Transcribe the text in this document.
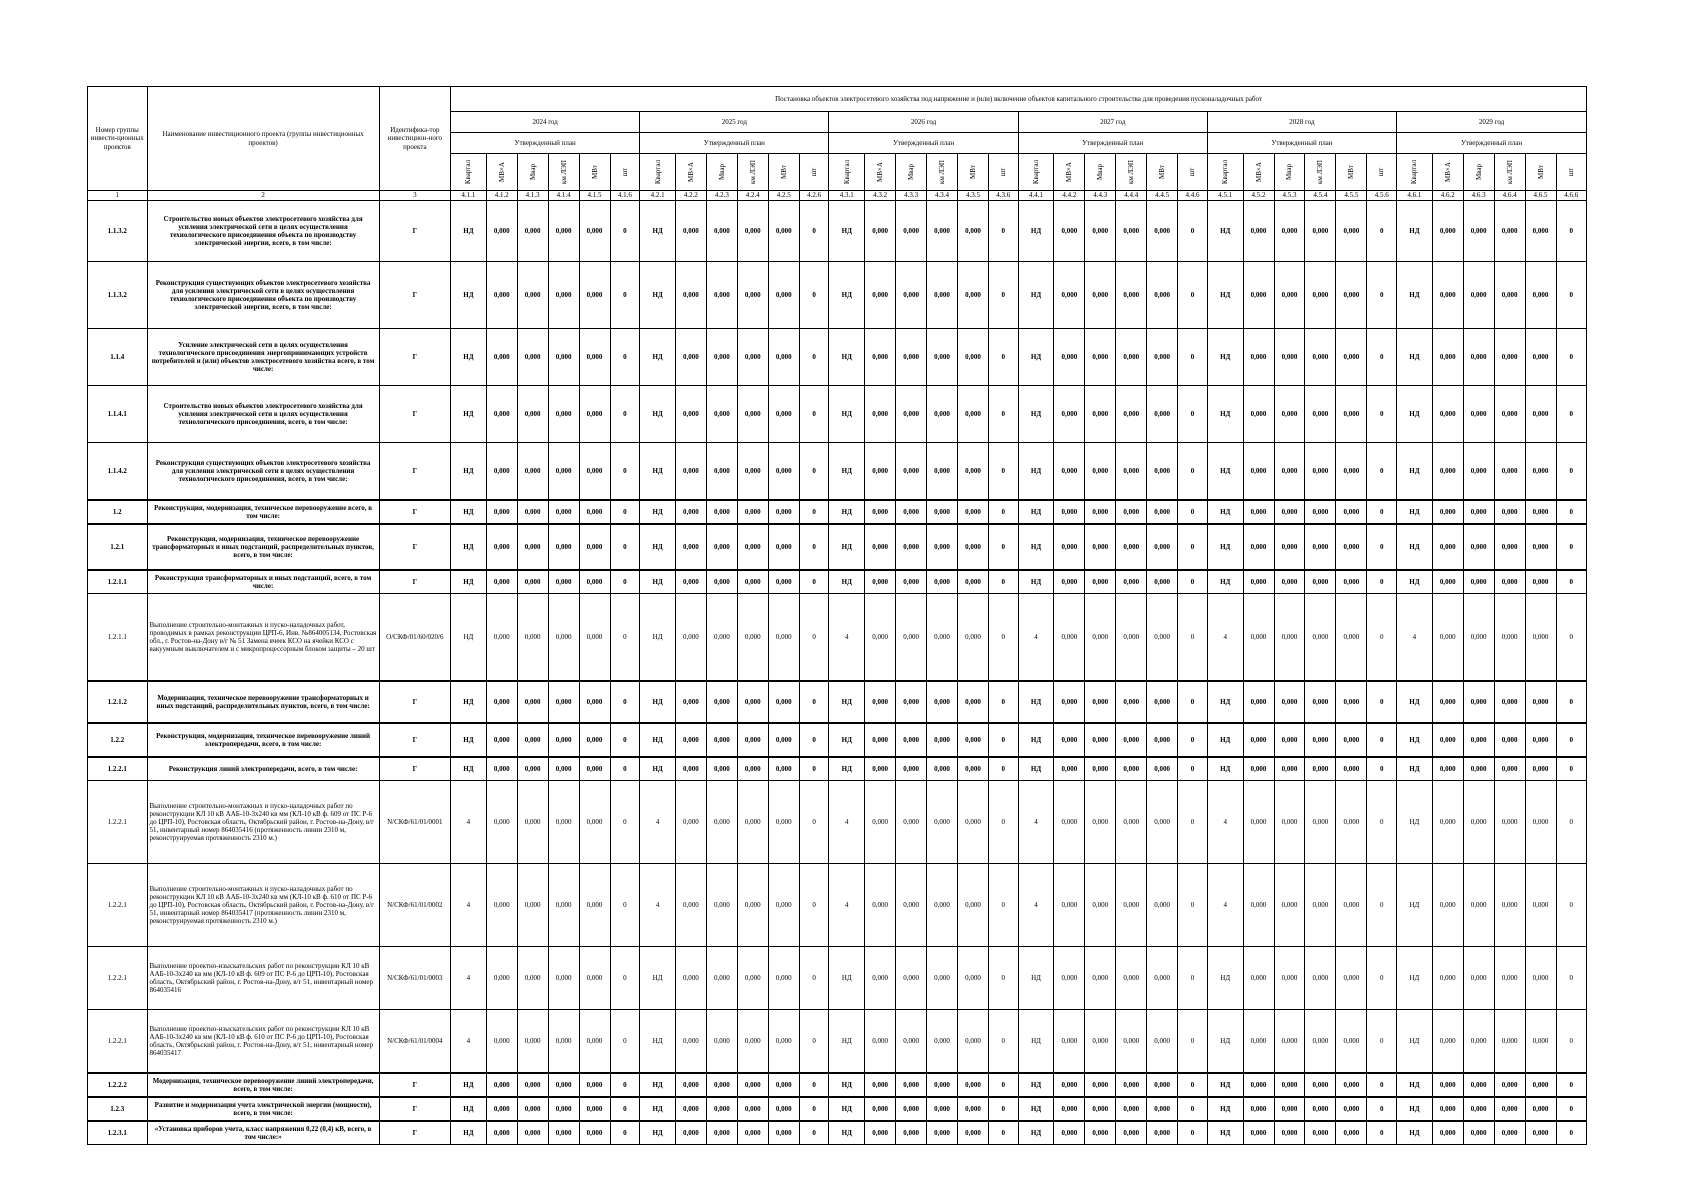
Номер группы инвести-ционных проектов	Наименование инвестиционного проекта (группы инвестиционных проектов)	Идентифика-тор инвестицион-ного проекта	Постановка объектов электросетевого хозяйства под напряжение и (или) включение объектов капитального строительства для проведения пусконаладочных работ																																			
			2024 год						2025 год						2026 год						2027 год						2028 год						2029 год					
			Утвержденный план						Утвержденный план						Утвержденный план						Утвержденный план						Утвержденный план						Утвержденный план					
			Квартал	МВ×А	Мвар	км ЛЭП	МВт	шт	Квартал	МВ×А	Мвар	км ЛЭП	МВт	шт	Квартал	МВ×А	Мвар	км ЛЭП	МВт	шт	Квартал	МВ×А	Мвар	км ЛЭП	МВт	шт	Квартал	МВ×А	Мвар	км ЛЭП	МВт	шт	Квартал	МВ×А	Мвар	км ЛЭП	МВт	шт
1	2	3	4.1.1	4.1.2	4.1.3	4.1.4	4.1.5	4.1.6	4.2.1	4.2.2	4.2.3	4.2.4	4.2.5	4.2.6	4.3.1	4.3.2	4.3.3	4.3.4	4.3.5	4.3.6	4.4.1	4.4.2	4.4.3	4.4.4	4.4.5	4.4.6	4.5.1	4.5.2	4.5.3	4.5.4	4.5.5	4.5.6	4.6.1	4.6.2	4.6.3	4.6.4	4.6.5	4.6.6
1.1.3.2	Строительство новых объектов электросетевого хозяйства для усиления электрической сети в целях осуществления технологического присоединения объекта по производству электрической энергии, всего, в том числе:	Г	НД	0,000	0,000	0,000	0,000	0	НД	0,000	0,000	0,000	0,000	0	НД	0,000	0,000	0,000	0,000	0	НД	0,000	0,000	0,000	0,000	0	НД	0,000	0,000	0,000	0,000	0	НД	0,000	0,000	0,000	0,000	0
1.1.3.2	Реконструкция существующих объектов электросетевого хозяйства для усиления электрической сети в целях осуществления технологического присоединения объекта по производству электрической энергии, всего, в том числе:	Г	НД	0,000	0,000	0,000	0,000	0	НД	0,000	0,000	0,000	0,000	0	НД	0,000	0,000	0,000	0,000	0	НД	0,000	0,000	0,000	0,000	0	НД	0,000	0,000	0,000	0,000	0	НД	0,000	0,000	0,000	0,000	0
1.1.4	Усиление электрической сети в целях осуществления технологического присоединения энергопринимающих устройств потребителей и (или) объектов электросетевого хозяйства всего, в том числе:	Г	НД	0,000	0,000	0,000	0,000	0	НД	0,000	0,000	0,000	0,000	0	НД	0,000	0,000	0,000	0,000	0	НД	0,000	0,000	0,000	0,000	0	НД	0,000	0,000	0,000	0,000	0	НД	0,000	0,000	0,000	0,000	0
1.1.4.1	Строительство новых объектов электросетевого хозяйства для усиления электрической сети в целях осуществления технологического присоединения, всего, в том числе:	Г	НД	0,000	0,000	0,000	0,000	0	НД	0,000	0,000	0,000	0,000	0	НД	0,000	0,000	0,000	0,000	0	НД	0,000	0,000	0,000	0,000	0	НД	0,000	0,000	0,000	0,000	0	НД	0,000	0,000	0,000	0,000	0
1.1.4.2	Реконструкция существующих объектов электросетевого хозяйства для усиления электрической сети в целях осуществления технологического присоединения, всего, в том числе:	Г	НД	0,000	0,000	0,000	0,000	0	НД	0,000	0,000	0,000	0,000	0	НД	0,000	0,000	0,000	0,000	0	НД	0,000	0,000	0,000	0,000	0	НД	0,000	0,000	0,000	0,000	0	НД	0,000	0,000	0,000	0,000	0
1.2	Реконструкция, модернизация, техническое перевооружение всего, в том числе:	Г	НД	0,000	0,000	0,000	0,000	0	НД	0,000	0,000	0,000	0,000	0	НД	0,000	0,000	0,000	0,000	0	НД	0,000	0,000	0,000	0,000	0	НД	0,000	0,000	0,000	0,000	0	НД	0,000	0,000	0,000	0,000	0
1.2.1	Реконструкция, модернизация, техническое перевооружение трансформаторных и иных подстанций, распределительных пунктов, всего, в том числе:	Г	НД	0,000	0,000	0,000	0,000	0	НД	0,000	0,000	0,000	0,000	0	НД	0,000	0,000	0,000	0,000	0	НД	0,000	0,000	0,000	0,000	0	НД	0,000	0,000	0,000	0,000	0	НД	0,000	0,000	0,000	0,000	0
1.2.1.1	Реконструкция трансформаторных и иных подстанций, всего, в том числе:	Г	НД	0,000	0,000	0,000	0,000	0	НД	0,000	0,000	0,000	0,000	0	НД	0,000	0,000	0,000	0,000	0	НД	0,000	0,000	0,000	0,000	0	НД	0,000	0,000	0,000	0,000	0	НД	0,000	0,000	0,000	0,000	0
1.2.1.1	Выполнение строительно-монтажных и пуско-наладочных работ, проводимых в рамках реконструкции ЦРП-6, Инв. №864005134, Ростовская обл., г. Ростов-на-Дону в/г № 51 Замена ячеек КСО на ячейки КСО с вакуумным выключателем и с микропроцессорным блоком защиты – 20 шт	O/СКФ/01/60/020/6	НД	0,000	0,000	0,000	0,000	0	НД	0,000	0,000	0,000	0,000	0	4	0,000	0,000	0,000	0,000	0	4	0,000	0,000	0,000	0,000	0	4	0,000	0,000	0,000	0,000	0	4	0,000	0,000	0,000	0,000	0
1.2.1.2	Модернизация, техническое перевооружение трансформаторных и иных подстанций, распределительных пунктов, всего, в том числе:	Г	НД	0,000	0,000	0,000	0,000	0	НД	0,000	0,000	0,000	0,000	0	НД	0,000	0,000	0,000	0,000	0	НД	0,000	0,000	0,000	0,000	0	НД	0,000	0,000	0,000	0,000	0	НД	0,000	0,000	0,000	0,000	0
1.2.2	Реконструкция, модернизация, техническое перевооружение линий электропередачи, всего, в том числе:	Г	НД	0,000	0,000	0,000	0,000	0	НД	0,000	0,000	0,000	0,000	0	НД	0,000	0,000	0,000	0,000	0	НД	0,000	0,000	0,000	0,000	0	НД	0,000	0,000	0,000	0,000	0	НД	0,000	0,000	0,000	0,000	0
1.2.2.1	Реконструкция линий электропередачи, всего, в том числе:	Г	НД	0,000	0,000	0,000	0,000	0	НД	0,000	0,000	0,000	0,000	0	НД	0,000	0,000	0,000	0,000	0	НД	0,000	0,000	0,000	0,000	0	НД	0,000	0,000	0,000	0,000	0	НД	0,000	0,000	0,000	0,000	0
1.2.2.1	Выполнение строительно-монтажных и пуско-наладочных работ по реконструкции КЛ 10 кВ ААБ-10-3х240 кв мм (КЛ-10 кВ ф. 609 от ПС Р-6 до ЦРП-10), Ростовская область, Октябрьский район, г. Ростов-на-Дону, в/г 51, инвентарный номер 864035416 (протяженность линии 2310 м, реконструируемая протяженность 2310 м.)	N/СКФ/61/01/0001	4	0,000	0,000	0,000	0,000	0	4	0,000	0,000	0,000	0,000	0	4	0,000	0,000	0,000	0,000	0	4	0,000	0,000	0,000	0,000	0	4	0,000	0,000	0,000	0,000	0	НД	0,000	0,000	0,000	0,000	0
1.2.2.1	Выполнение строительно-монтажных и пуско-наладочных работ по реконструкции КЛ 10 кВ ААБ-10-3х240 кв мм (КЛ-10 кВ ф. 610 от ПС Р-6 до ЦРП-10), Ростовская область, Октябрьский район, г. Ростов-на-Дону, в/г 51, инвентарный номер 864035417 (протяженность линии 2310 м, реконструируемая протяженность 2310 м.)	N/СКФ/61/01/0002	4	0,000	0,000	0,000	0,000	0	4	0,000	0,000	0,000	0,000	0	4	0,000	0,000	0,000	0,000	0	4	0,000	0,000	0,000	0,000	0	4	0,000	0,000	0,000	0,000	0	НД	0,000	0,000	0,000	0,000	0
1.2.2.1	Выполнение проектно-изыскательских работ по реконструкции КЛ 10 кВ ААБ-10-3х240 кв мм (КЛ-10 кВ ф. 609 от ПС Р-6 до ЦРП-10), Ростовская область, Октябрьский район, г. Ростов-на-Дону, в/г 51, инвентарный номер 864035416	N/СКФ/61/01/0003	4	0,000	0,000	0,000	0,000	0	НД	0,000	0,000	0,000	0,000	0	НД	0,000	0,000	0,000	0,000	0	НД	0,000	0,000	0,000	0,000	0	НД	0,000	0,000	0,000	0,000	0	НД	0,000	0,000	0,000	0,000	0
1.2.2.1	Выполнение проектно-изыскательских работ по реконструкции КЛ 10 кВ ААБ-10-3х240 кв мм (КЛ-10 кВ ф. 610 от ПС Р-6 до ЦРП-10), Ростовская область, Октябрьский район, г. Ростов-на-Дону, в/г 51, инвентарный номер 864035417	N/СКФ/61/01/0004	4	0,000	0,000	0,000	0,000	0	НД	0,000	0,000	0,000	0,000	0	НД	0,000	0,000	0,000	0,000	0	НД	0,000	0,000	0,000	0,000	0	НД	0,000	0,000	0,000	0,000	0	НД	0,000	0,000	0,000	0,000	0
1.2.2.2	Модернизация, техническое перевооружение линий электропередачи, всего, в том числе:	Г	НД	0,000	0,000	0,000	0,000	0	НД	0,000	0,000	0,000	0,000	0	НД	0,000	0,000	0,000	0,000	0	НД	0,000	0,000	0,000	0,000	0	НД	0,000	0,000	0,000	0,000	0	НД	0,000	0,000	0,000	0,000	0
1.2.3	Развитие и модернизация учета электрической энергии (мощности), всего, в том числе:	Г	НД	0,000	0,000	0,000	0,000	0	НД	0,000	0,000	0,000	0,000	0	НД	0,000	0,000	0,000	0,000	0	НД	0,000	0,000	0,000	0,000	0	НД	0,000	0,000	0,000	0,000	0	НД	0,000	0,000	0,000	0,000	0
1.2.3.1	«Установка приборов учета, класс напряжения 0,22 (0,4) кВ, всего, в том числе:»	Г	НД	0,000	0,000	0,000	0,000	0	НД	0,000	0,000	0,000	0,000	0	НД	0,000	0,000	0,000	0,000	0	НД	0,000	0,000	0,000	0,000	0	НД	0,000	0,000	0,000	0,000	0	НД	0,000	0,000	0,000	0,000	0
